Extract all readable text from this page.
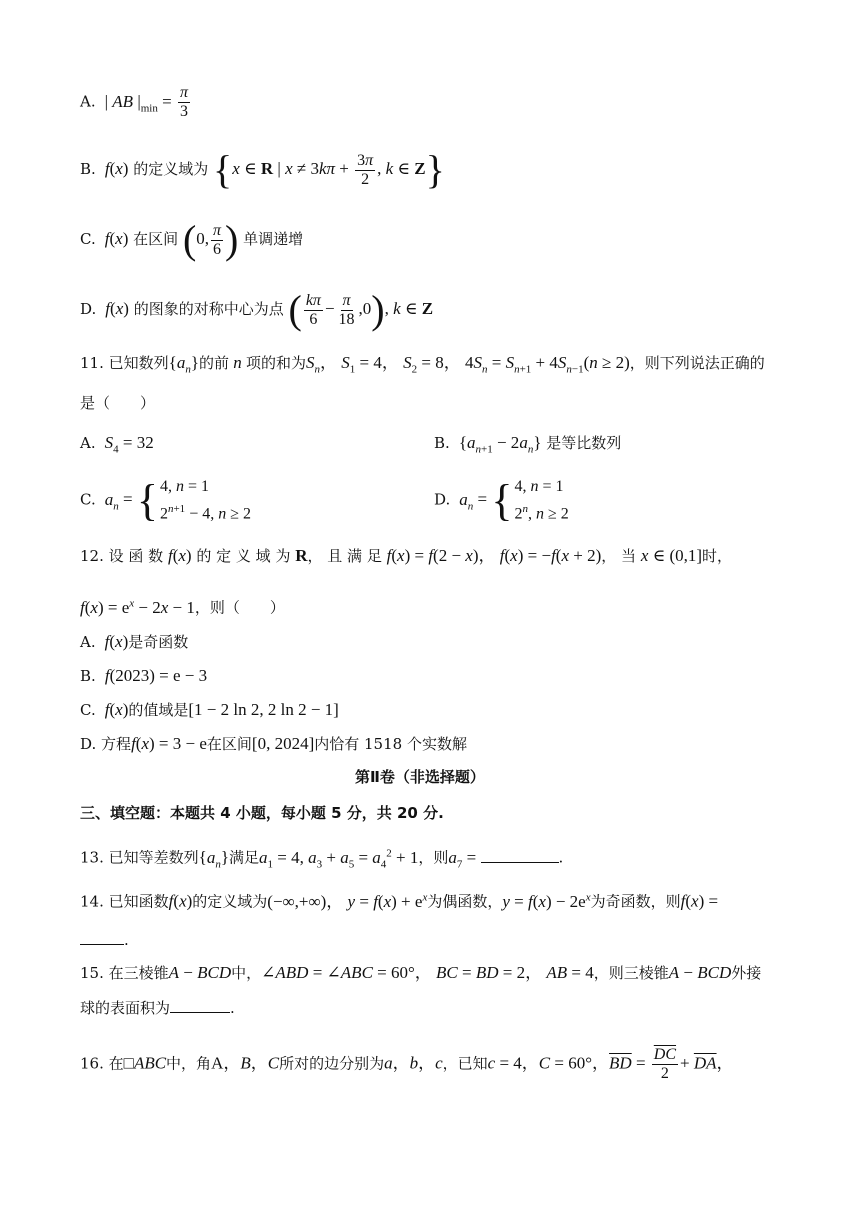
A.  | AB $|_{min} = \frac{\pi}{3}$
B.  f(x) 的定义域为 {x ∈ R | $x \ne 3k\pi + \frac{3\pi}{2}$ , k ∈ Z}
C.  f(x) 在区间 (0, $\frac{\pi}{6}$ ) 单调递增
D.  f(x) 的图象的对称中心为点 ( $\frac{k\pi}{6} - \frac{\pi}{18} ,0$), k ∈ Z
11. 已知数列$\{a_n\}$的前 n 项的和为$S_n$， $S_1 = 4$， $S_2 = 8$， $4S_n = S_{n+1} + 4S_{n-1}(n \ge 2)$，则下列说法正确的
是（　　）
A. $S_4 = 32$	B.  $\{a_{n+1} - 2a_n\}$ 是等比数列
C. $a_n$ = { 4, n = 1
$2^{n+1} - 4$, n ≥ 2
D. $a_n$ = { 4, n = 1
2$^n$, n ≥ 2
12. 设 函 数 f(x) 的 定 义 域 为 R， 且 满 足 f(x) = f(2 − x)， f(x) = −f(x + 2)， 当 x ∈ (0,1]时，
$f(x) = e^x - 2x - 1$，则（　　）
A. f(x)是奇函数
B. f(2023) = e − 3
C. f(x)的值域是[1 − 2 ln 2, 2 ln 2 − 1]
D. 方程f(x) = 3 − e在区间[0, 2024]内恰有 1518 个实数解
第Ⅱ卷（非选择题）
三、填空题：本题共 4 小题，每小题 5 分，共 20 分.
13. 已知等差数列$\{a_n\}$满足$a_1 = 4$, $a_3 + a_5 = a_4^2 + 1$，则$a_7$ =	.
14. 已知函数f(x)的定义域为(−∞,+∞)， $y = f(x) + e^x$为偶函数，$y = f(x) - 2e^x$为奇函数，则f(x) =
.
15. 在三棱锥A − BCD中，∠ABD = ∠ABC = 60°， BC = BD = 2， AB = 4，则三棱锥A − BCD外接
球的表面积为	.
16. 在□ABC中，角A，B，C所对的边分别为a，b，c，已知c = 4，C = 60°，$\overline{BD} = \frac{\overline{DC}}{2} + \overline{DA}$，
